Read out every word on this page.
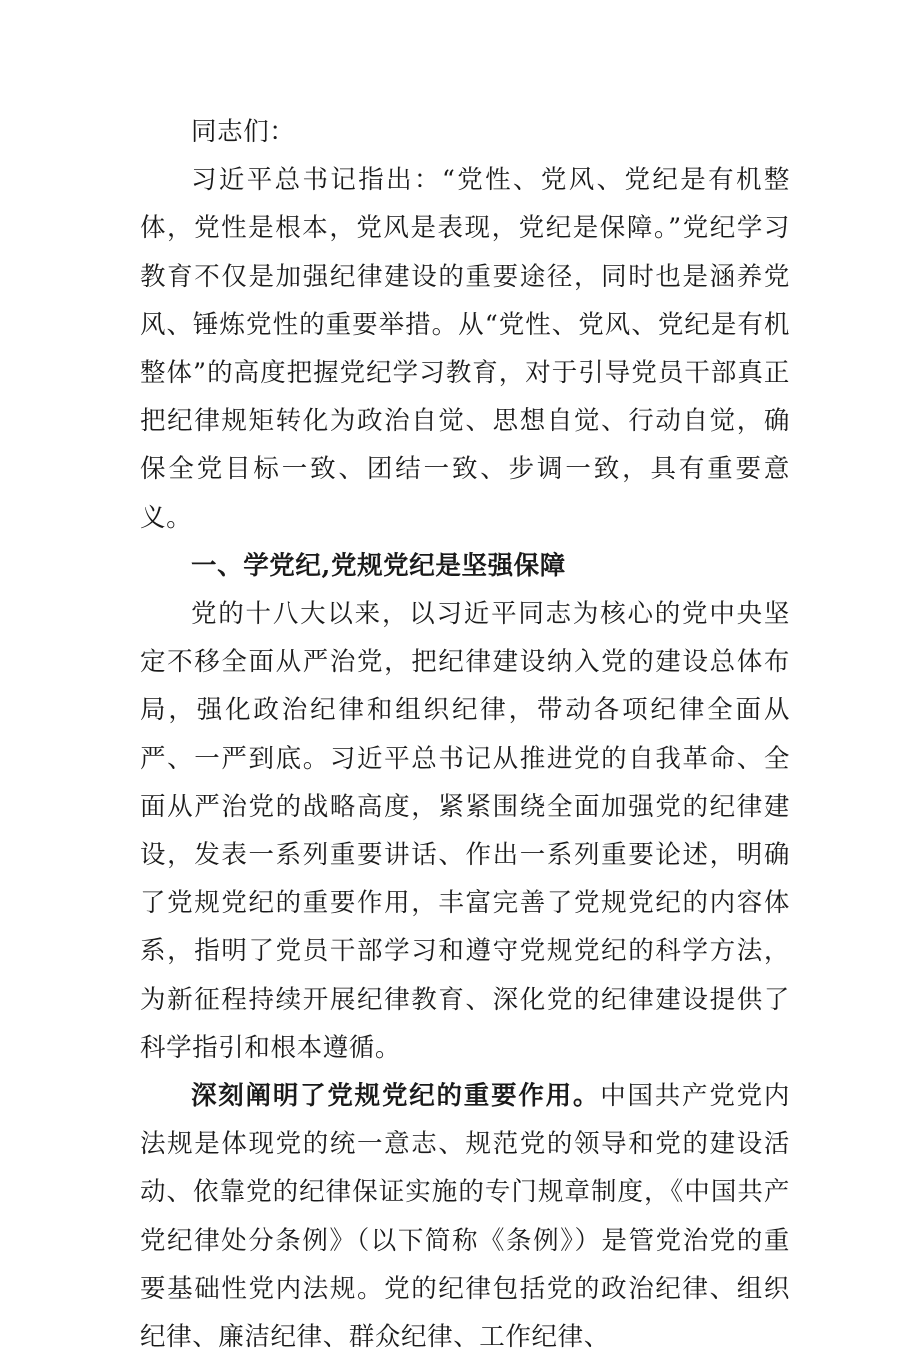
同志们：

习近平总书记指出：“党性、党风、党纪是有机整体，党性是根本，党风是表现，党纪是保障。”党纪学习教育不仅是加强纪律建设的重要途径，同时也是涵养党风、锤炼党性的重要举措。从“党性、党风、党纪是有机整体”的高度把握党纪学习教育，对于引导党员干部真正把纪律规矩转化为政治自觉、思想自觉、行动自觉，确保全党目标一致、团结一致、步调一致，具有重要意义。

一、学党纪,党规党纪是坚强保障

党的十八大以来，以习近平同志为核心的党中央坚定不移全面从严治党，把纪律建设纳入党的建设总体布局，强化政治纪律和组织纪律，带动各项纪律全面从严、一严到底。习近平总书记从推进党的自我革命、全面从严治党的战略高度，紧紧围绕全面加强党的纪律建设，发表一系列重要讲话、作出一系列重要论述，明确了党规党纪的重要作用，丰富完善了党规党纪的内容体系，指明了党员干部学习和遵守党规党纪的科学方法，为新征程持续开展纪律教育、深化党的纪律建设提供了科学指引和根本遵循。

深刻阐明了党规党纪的重要作用。中国共产党党内法规是体现党的统一意志、规范党的领导和党的建设活动、依靠党的纪律保证实施的专门规章制度，《中国共产党纪律处分条例》（以下简称《条例》）是管党治党的重要基础性党内法规。党的纪律包括党的政治纪律、组织纪律、廉洁纪律、群众纪律、工作纪律、
